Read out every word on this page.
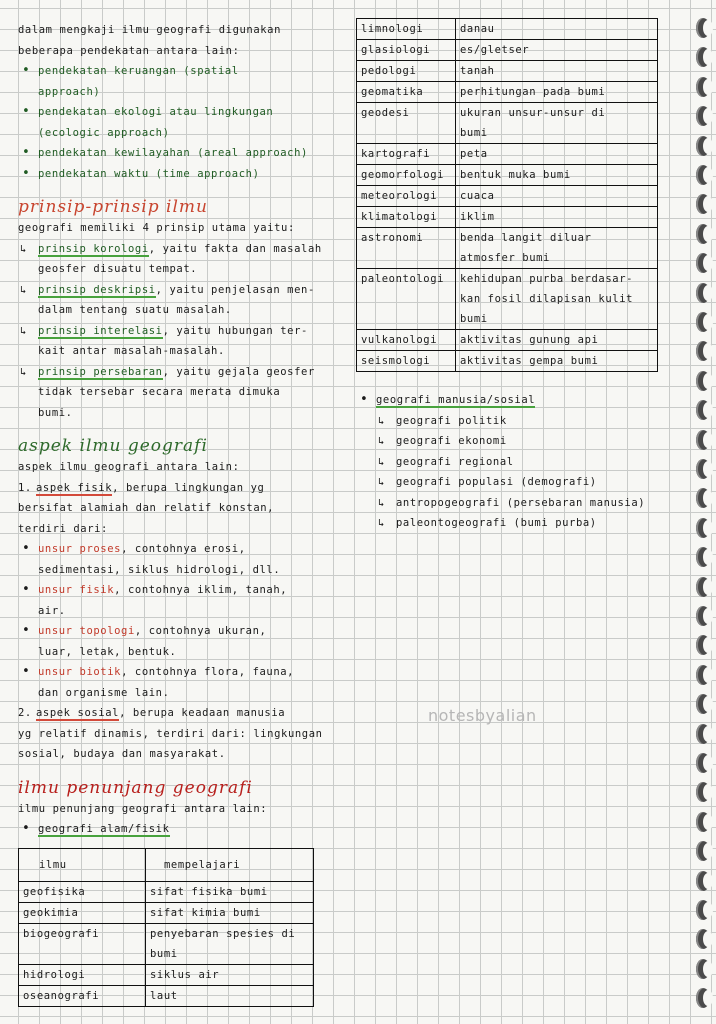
dalam mengkaji ilmu geografi digunakan
beberapa pendekatan antara lain:
• pendekatan keruangan (spatial
approach)
• pendekatan ekologi atau lingkungan
(ecologic approach)
• pendekatan kewilayahan (areal approach)
• pendekatan waktu (time approach)
prinsip-prinsip ilmu
geografi memiliki 4 prinsip utama yaitu:
↳ prinsip korologi, yaitu fakta dan masalah
geosfer disuatu tempat.
↳ prinsip deskripsi, yaitu penjelasan men-
dalam tentang suatu masalah.
↳ prinsip interelasi, yaitu hubungan ter-
kait antar masalah-masalah.
↳ prinsip persebaran, yaitu gejala geosfer
tidak tersebar secara merata dimuka
bumi.
aspek ilmu geografi
aspek ilmu geografi antara lain:
1. aspek fisik, berupa lingkungan yg
bersifat alamiah dan relatif konstan,
terdiri dari:
• unsur proses, contohnya erosi,
sedimentasi, siklus hidrologi, dll.
• unsur fisik, contohnya iklim, tanah,
air.
• unsur topologi, contohnya ukuran,
luar, letak, bentuk.
• unsur biotik, contohnya flora, fauna,
dan organisme lain.
2. aspek sosial, berupa keadaan manusia
yg relatif dinamis, terdiri dari: lingkungan
sosial, budaya dan masyarakat.
ilmu penunjang geografi
ilmu penunjang geografi antara lain:
• geografi alam/fisik
ilmu	mempelajari
geofisika	sifat fisika bumi
geokimia	sifat kimia bumi
biogeografi	penyebaran spesies di
bumi
hidrologi	siklus air
oseanografi	laut
limnologi	danau
glasiologi	es/gletser
pedologi	tanah
geomatika	perhitungan pada bumi
geodesi	ukuran unsur-unsur di
bumi
kartografi	peta
geomorfologi	bentuk muka bumi
meteorologi	cuaca
klimatologi	iklim
astronomi	benda langit diluar
atmosfer bumi
paleontologi	kehidupan purba berdasar-
kan fosil dilapisan kulit
bumi
vulkanologi	aktivitas gunung api
seismologi	aktivitas gempa bumi
• geografi manusia/sosial
↳ geografi politik
↳ geografi ekonomi
↳ geografi regional
↳ geografi populasi (demografi)
↳ antropogeografi (persebaran manusia)
↳ paleontogeografi (bumi purba)
notesbyalian
